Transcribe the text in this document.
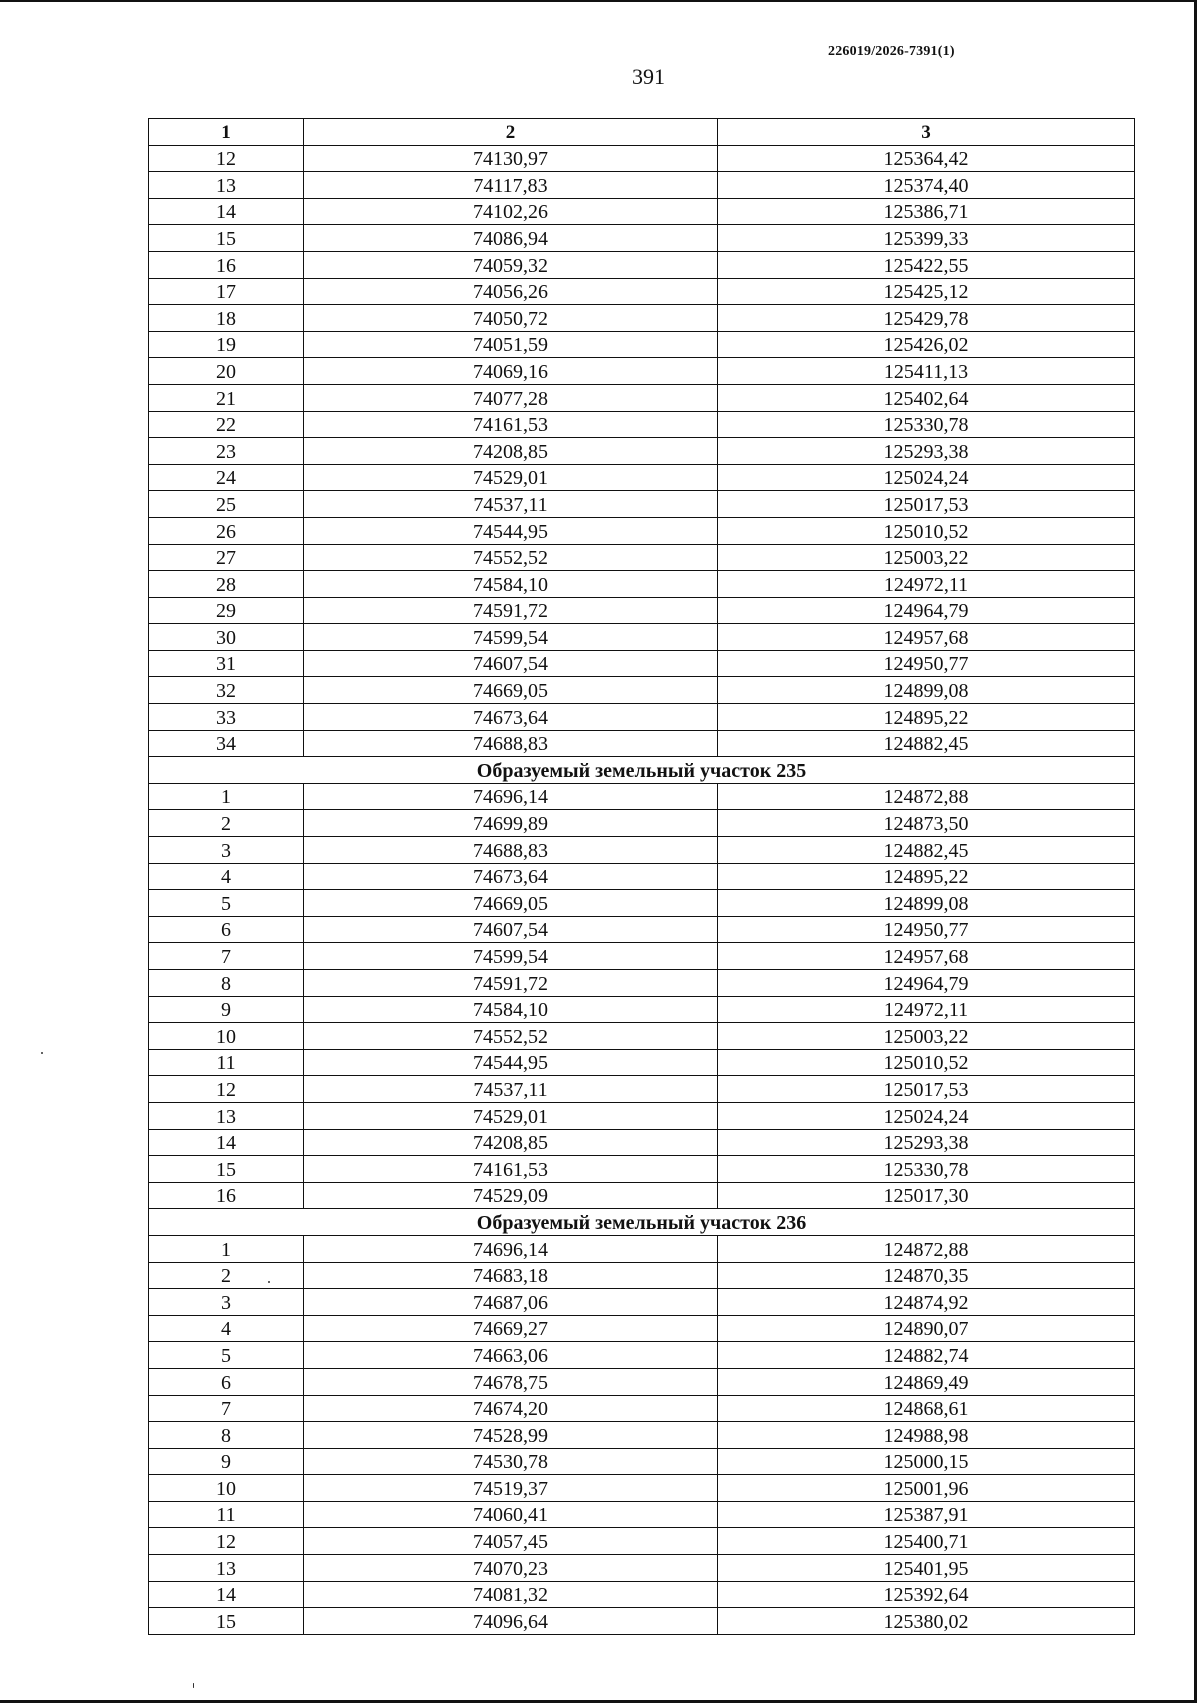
226019/2026-7391(1)
391
1	2	3
12	74130,97	125364,42
13	74117,83	125374,40
14	74102,26	125386,71
15	74086,94	125399,33
16	74059,32	125422,55
17	74056,26	125425,12
18	74050,72	125429,78
19	74051,59	125426,02
20	74069,16	125411,13
21	74077,28	125402,64
22	74161,53	125330,78
23	74208,85	125293,38
24	74529,01	125024,24
25	74537,11	125017,53
26	74544,95	125010,52
27	74552,52	125003,22
28	74584,10	124972,11
29	74591,72	124964,79
30	74599,54	124957,68
31	74607,54	124950,77
32	74669,05	124899,08
33	74673,64	124895,22
34	74688,83	124882,45
Образуемый земельный участок 235		
1	74696,14	124872,88
2	74699,89	124873,50
3	74688,83	124882,45
4	74673,64	124895,22
5	74669,05	124899,08
6	74607,54	124950,77
7	74599,54	124957,68
8	74591,72	124964,79
9	74584,10	124972,11
10	74552,52	125003,22
11	74544,95	125010,52
12	74537,11	125017,53
13	74529,01	125024,24
14	74208,85	125293,38
15	74161,53	125330,78
16	74529,09	125017,30
Образуемый земельный участок 236		
1	74696,14	124872,88
2	74683,18	124870,35
3	74687,06	124874,92
4	74669,27	124890,07
5	74663,06	124882,74
6	74678,75	124869,49
7	74674,20	124868,61
8	74528,99	124988,98
9	74530,78	125000,15
10	74519,37	125001,96
11	74060,41	125387,91
12	74057,45	125400,71
13	74070,23	125401,95
14	74081,32	125392,64
15	74096,64	125380,02
